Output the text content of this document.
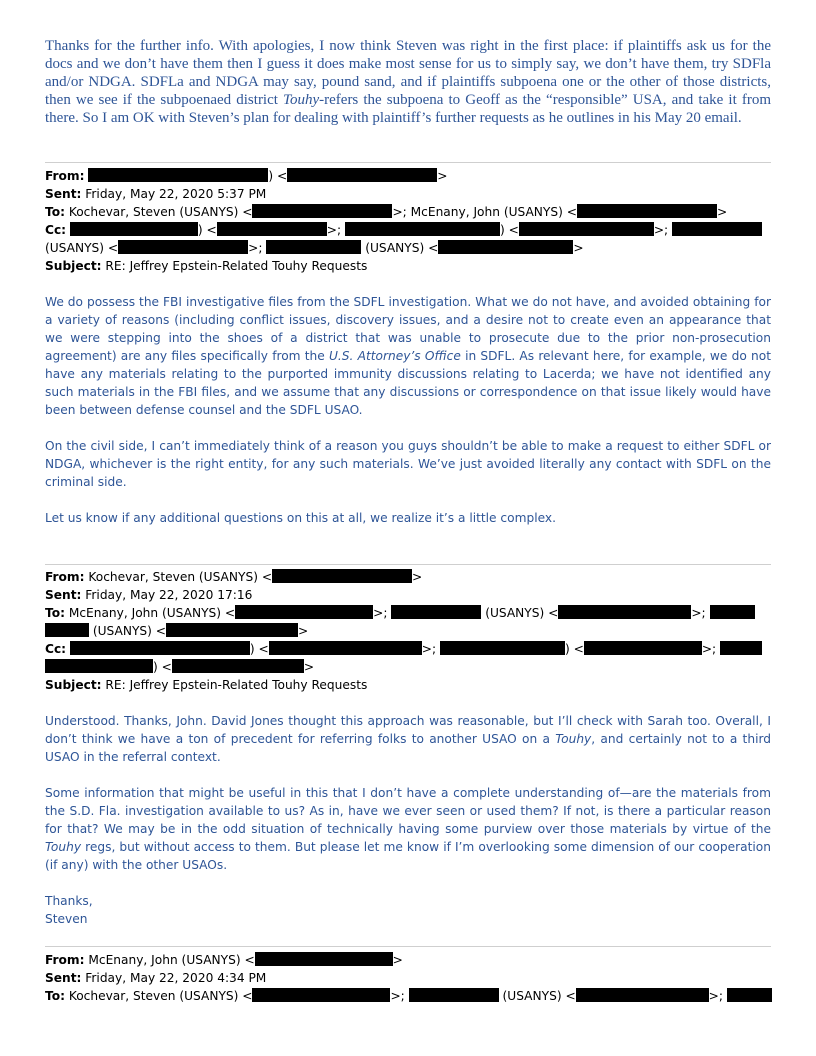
Thanks for the further info. With apologies, I now think Steven was right in the first place: if plaintiffs ask us for the docs and we don’t have them then I guess it does make most sense for us to simply say, we don’t have them, try SDFla and/or NDGA. SDFLa and NDGA may say, pound sand, and if plaintiffs subpoena one or the other of those districts, then we see if the subpoenaed district Touhy-refers the subpoena to Geoff as the “responsible” USA, and take it from there. So I am OK with Steven’s plan for dealing with plaintiff’s further requests as he outlines in his May 20 email.

From:	) <	>
Sent: Friday, May 22, 2020 5:37 PM
To: Kochevar, Steven (USANYS) <	>; McEnany, John (USANYS) <	>
Cc:	) <	>;	) <	>;
(USANYS) <	>;	(USANYS) <	>
Subject: RE: Jeffrey Epstein-Related Touhy Requests

We do possess the FBI investigative files from the SDFL investigation. What we do not have, and avoided obtaining for a variety of reasons (including conflict issues, discovery issues, and a desire not to create even an appearance that we were stepping into the shoes of a district that was unable to prosecute due to the prior non-prosecution agreement) are any files specifically from the U.S. Attorney’s Office in SDFL. As relevant here, for example, we do not have any materials relating to the purported immunity discussions relating to Lacerda; we have not identified any such materials in the FBI files, and we assume that any discussions or correspondence on that issue likely would have been between defense counsel and the SDFL USAO.

On the civil side, I can’t immediately think of a reason you guys shouldn’t be able to make a request to either SDFL or NDGA, whichever is the right entity, for any such materials. We’ve just avoided literally any contact with SDFL on the criminal side.

Let us know if any additional questions on this at all, we realize it’s a little complex.

From: Kochevar, Steven (USANYS) <	>
Sent: Friday, May 22, 2020 17:16
To: McEnany, John (USANYS) <	>;	(USANYS) <	>;
(USANYS) <	>
Cc:	) <	>;	) <	>;
) <	>
Subject: RE: Jeffrey Epstein-Related Touhy Requests

Understood. Thanks, John. David Jones thought this approach was reasonable, but I’ll check with Sarah too. Overall, I don’t think we have a ton of precedent for referring folks to another USAO on a Touhy, and certainly not to a third USAO in the referral context.

Some information that might be useful in this that I don’t have a complete understanding of—are the materials from the S.D. Fla. investigation available to us? As in, have we ever seen or used them? If not, is there a particular reason for that? We may be in the odd situation of technically having some purview over those materials by virtue of the Touhy regs, but without access to them. But please let me know if I’m overlooking some dimension of our cooperation (if any) with the other USAOs.

Thanks,

Steven

From: McEnany, John (USANYS) <	>
Sent: Friday, May 22, 2020 4:34 PM
To: Kochevar, Steven (USANYS) <	>;	(USANYS) <	>;
